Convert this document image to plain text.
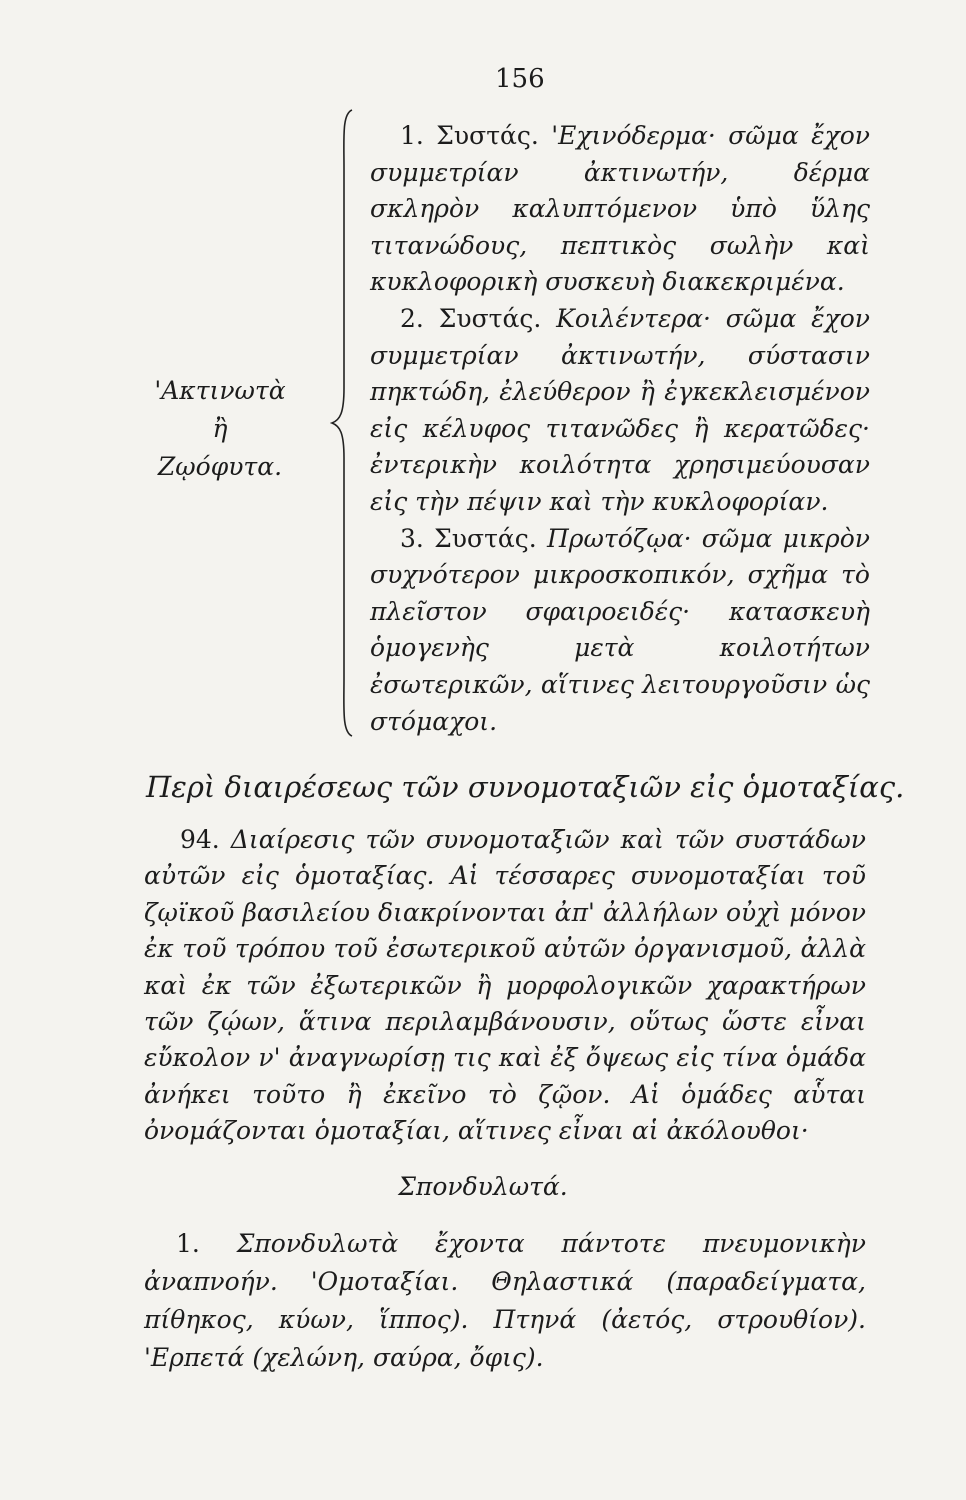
156
'Ακτινωτὰ
ἢ
Ζῳόφυτα.

1. Συστάς. 'Εχινόδερμα· σῶμα ἔχον συμμετρίαν ἀκτινωτήν, δέρμα σκληρὸν καλυπτόμενον ὑπὸ ὕλης τιτανώδους, πεπτικὸς σωλὴν καὶ κυκλοφορικὴ συσκευὴ διακεκριμένα.

2. Συστάς. Κοιλέντερα· σῶμα ἔχον συμμετρίαν ἀκτινωτήν, σύστασιν πηκτώδη, ἐλεύθερον ἢ ἐγκεκλεισμένον εἰς κέλυφος τιτανῶδες ἢ κερατῶδες· ἐντερικὴν κοιλότητα χρησιμεύουσαν εἰς τὴν πέψιν καὶ τὴν κυκλοφορίαν.

3. Συστάς. Πρωτόζῳα· σῶμα μικρὸν συχνότερον μικροσκοπικόν, σχῆμα τὸ πλεῖστον σφαιροειδές· κατασκευὴ ὁμογενὴς μετὰ κοιλοτήτων ἐσωτερικῶν, αἵτινες λειτουργοῦσιν ὡς στόμαχοι.

Περὶ διαιρέσεως τῶν συνομοταξιῶν εἰς ὁμοταξίας.

94. Διαίρεσις τῶν συνομοταξιῶν καὶ τῶν συστάδων αὐτῶν εἰς ὁμοταξίας. Αἱ τέσσαρες συνομοταξίαι τοῦ ζῳϊκοῦ βασιλείου διακρίνονται ἀπ' ἀλλήλων οὐχὶ μόνον ἐκ τοῦ τρόπου τοῦ ἐσωτερικοῦ αὐτῶν ὀργανισμοῦ, ἀλλὰ καὶ ἐκ τῶν ἐξωτερικῶν ἢ μορφολογικῶν χαρακτήρων τῶν ζῴων, ἅτινα περιλαμβάνουσιν, οὕτως ὥστε εἶναι εὔκολον ν' ἀναγνωρίσῃ τις καὶ ἐξ ὄψεως εἰς τίνα ὁμάδα ἀνήκει τοῦτο ἢ ἐκεῖνο τὸ ζῷον. Αἱ ὁμάδες αὗται ὀνομάζονται ὁμοταξίαι, αἵτινες εἶναι αἱ ἀκόλουθοι·

Σπονδυλωτά.

1. Σπονδυλωτὰ ἔχοντα πάντοτε πνευμονικὴν ἀναπνοήν. 'Ομοταξίαι. Θηλαστικά (παραδείγματα, πίθηκος, κύων, ἵππος). Πτηνά (ἀετός, στρουθίον). 'Ερπετά (χελώνη, σαύρα, ὄφις).
